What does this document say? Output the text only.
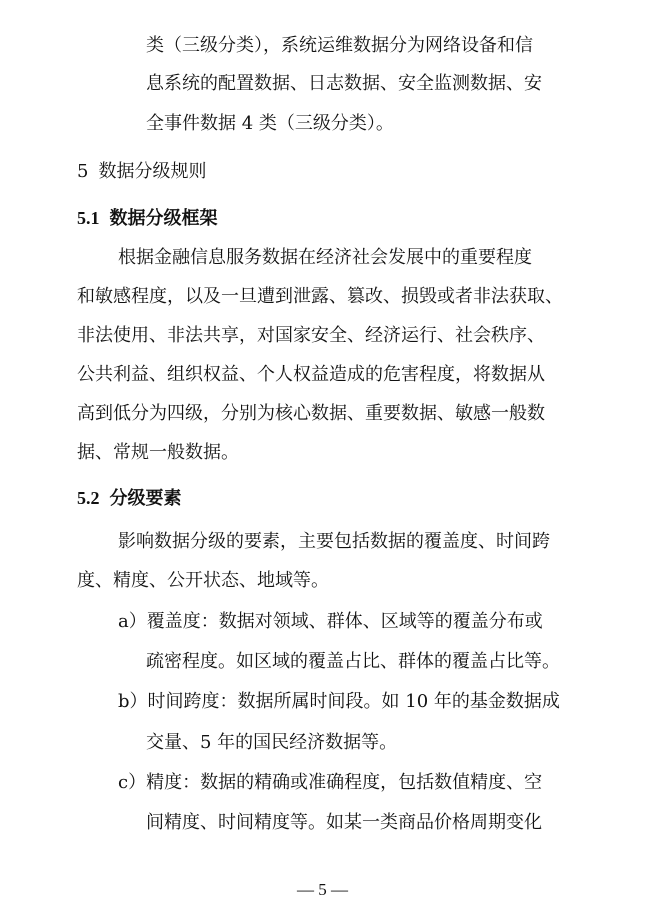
类（三级分类），系统运维数据分为网络设备和信
息系统的配置数据、日志数据、安全监测数据、安
全事件数据 4 类（三级分类）。
5 数据分级规则
5.1 数据分级框架
根据金融信息服务数据在经济社会发展中的重要程度
和敏感程度，以及一旦遭到泄露、篡改、损毁或者非法获取、
非法使用、非法共享，对国家安全、经济运行、社会秩序、
公共利益、组织权益、个人权益造成的危害程度，将数据从
高到低分为四级，分别为核心数据、重要数据、敏感一般数
据、常规一般数据。
5.2 分级要素
影响数据分级的要素，主要包括数据的覆盖度、时间跨
度、精度、公开状态、地域等。
a）覆盖度：数据对领域、群体、区域等的覆盖分布或
疏密程度。如区域的覆盖占比、群体的覆盖占比等。
b）时间跨度：数据所属时间段。如 10 年的基金数据成
交量、5 年的国民经济数据等。
c）精度：数据的精确或准确程度，包括数值精度、空
间精度、时间精度等。如某一类商品价格周期变化
— 5 —
